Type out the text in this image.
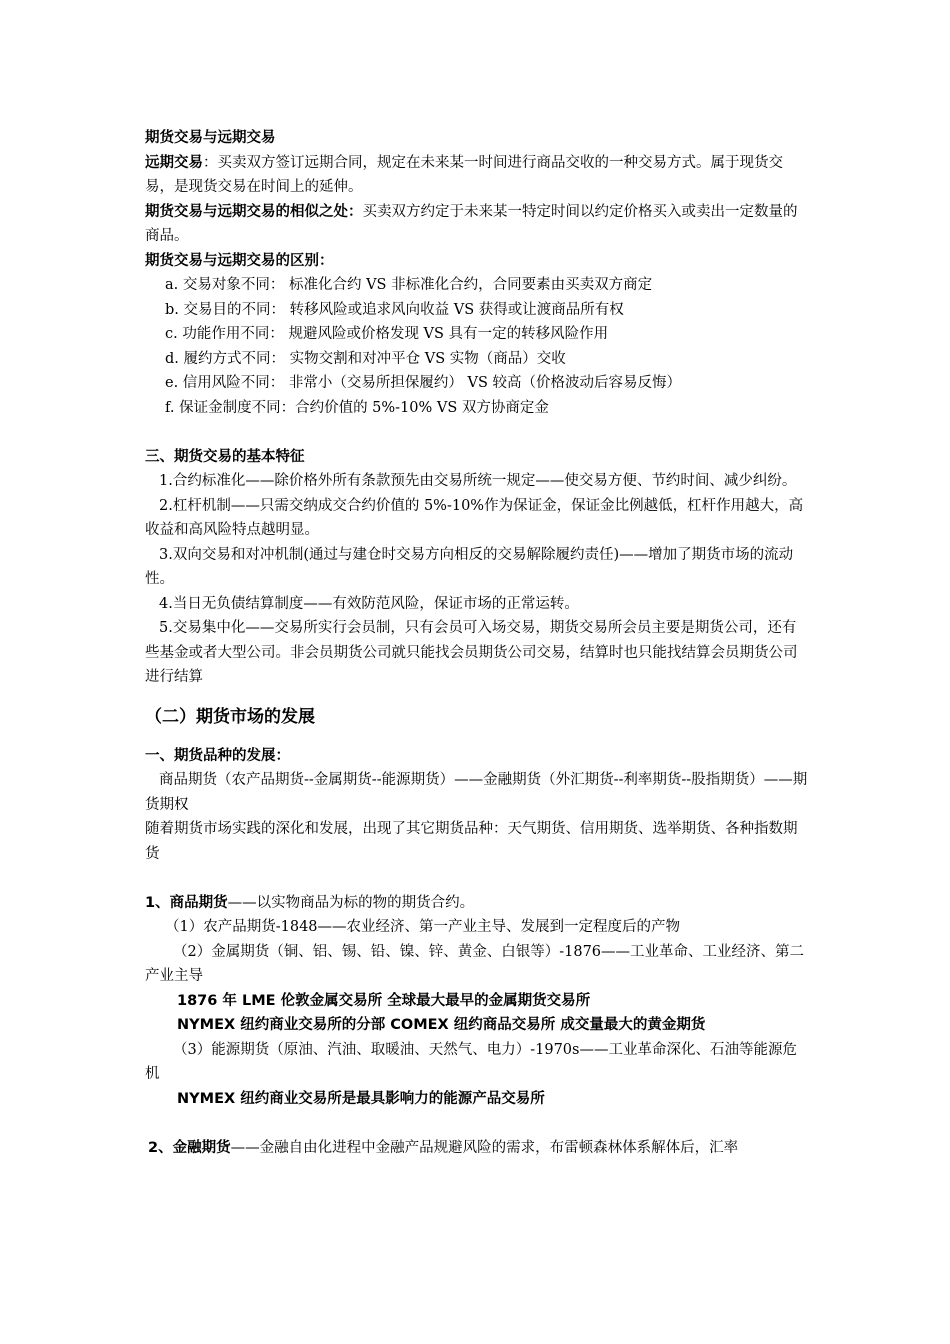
期货交易与远期交易

远期交易：买卖双方签订远期合同，规定在未来某一时间进行商品交收的一种交易方式。属于现货交易，是现货交易在时间上的延伸。

期货交易与远期交易的相似之处：买卖双方约定于未来某一特定时间以约定价格买入或卖出一定数量的商品。

期货交易与远期交易的区别：

a. 交易对象不同： 标准化合约 VS 非标准化合约，合同要素由买卖双方商定

b. 交易目的不同： 转移风险或追求风向收益 VS 获得或让渡商品所有权

c. 功能作用不同： 规避风险或价格发现 VS 具有一定的转移风险作用

d. 履约方式不同： 实物交割和对冲平仓 VS 实物（商品）交收

e. 信用风险不同： 非常小（交易所担保履约） VS 较高（价格波动后容易反悔）

f. 保证金制度不同：合约价值的 5%-10% VS 双方协商定金

三、期货交易的基本特征

1.合约标准化——除价格外所有条款预先由交易所统一规定——使交易方便、节约时间、减少纠纷。

2.杠杆机制——只需交纳成交合约价值的 5%-10%作为保证金，保证金比例越低，杠杆作用越大，高收益和高风险特点越明显。

3.双向交易和对冲机制(通过与建仓时交易方向相反的交易解除履约责任)——增加了期货市场的流动性。

4.当日无负债结算制度——有效防范风险，保证市场的正常运转。

5.交易集中化——交易所实行会员制，只有会员可入场交易，期货交易所会员主要是期货公司，还有些基金或者大型公司。非会员期货公司就只能找会员期货公司交易，结算时也只能找结算会员期货公司进行结算

（二）期货市场的发展

一、期货品种的发展：

商品期货（农产品期货--金属期货--能源期货）——金融期货（外汇期货--利率期货--股指期货）——期货期权

随着期货市场实践的深化和发展，出现了其它期货品种：天气期货、信用期货、选举期货、各种指数期货

1、商品期货——以实物商品为标的物的期货合约。

（1）农产品期货-1848——农业经济、第一产业主导、发展到一定程度后的产物

（2）金属期货（铜、铝、锡、铅、镍、锌、黄金、白银等）-1876——工业革命、工业经济、第二产业主导

1876 年 LME 伦敦金属交易所 全球最大最早的金属期货交易所

NYMEX 纽约商业交易所的分部 COMEX 纽约商品交易所 成交量最大的黄金期货

（3）能源期货（原油、汽油、取暖油、天然气、电力）-1970s——工业革命深化、石油等能源危机

NYMEX 纽约商业交易所是最具影响力的能源产品交易所

2、金融期货——金融自由化进程中金融产品规避风险的需求，布雷顿森林体系解体后，汇率
